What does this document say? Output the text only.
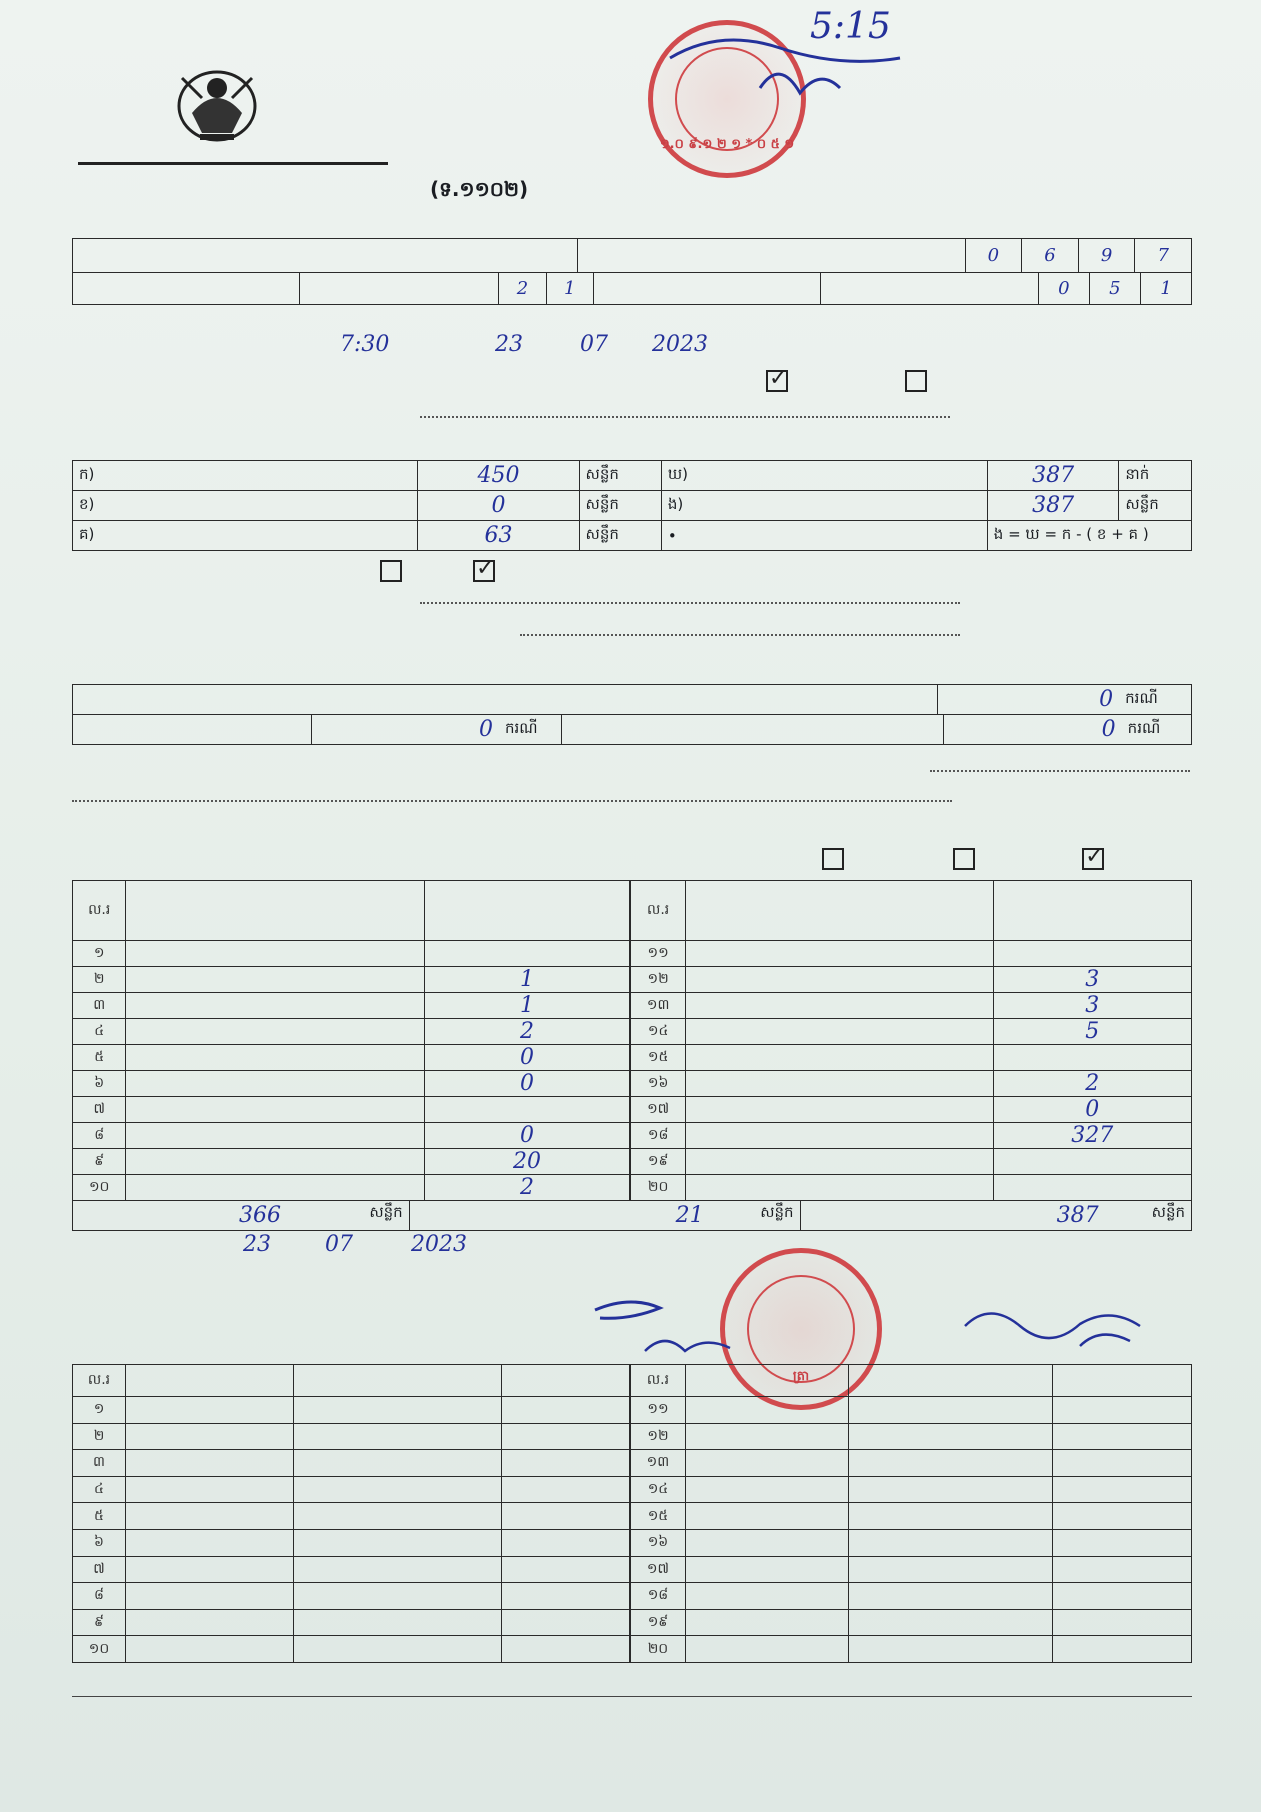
១.០ ៩.១ ២ ១ * ០ ៥ ១
5:15
(ទ.១១០២)
		0	6	9	7
		2	1			0	5	1
7:30	23	07 2023
✓
ក)		450	សន្លឹក	ឃ)		387	នាក់
ខ)		0	សន្លឹក	ង)		387	សន្លឹក
គ)		63	សន្លឹក	•		ង = ឃ = ក - ( ខ + គ )	
✓
	0	ករណី
	0	ករណី		0	ករណី
✓
ល.រ		
១		
២		1
៣		1
៤		2
៥		0
៦		0
៧		
៨		0
៩		20
១០		2
ល.រ		
១១		
១២		3
១៣		3
១៤		5
១៥		
១៦		2
១៧		0
១៨		327
១៩		
២០		
366	សន្លឹក	21	សន្លឹក	387	សន្លឹក
23 07	2023
ត្រា
ល.រ			
១			
២			
៣			
៤			
៥			
៦			
៧			
៨			
៩			
១០			
ល.រ			
១១			
១២			
១៣			
១៤			
១៥			
១៦			
១៧			
១៨			
១៩			
២០			
